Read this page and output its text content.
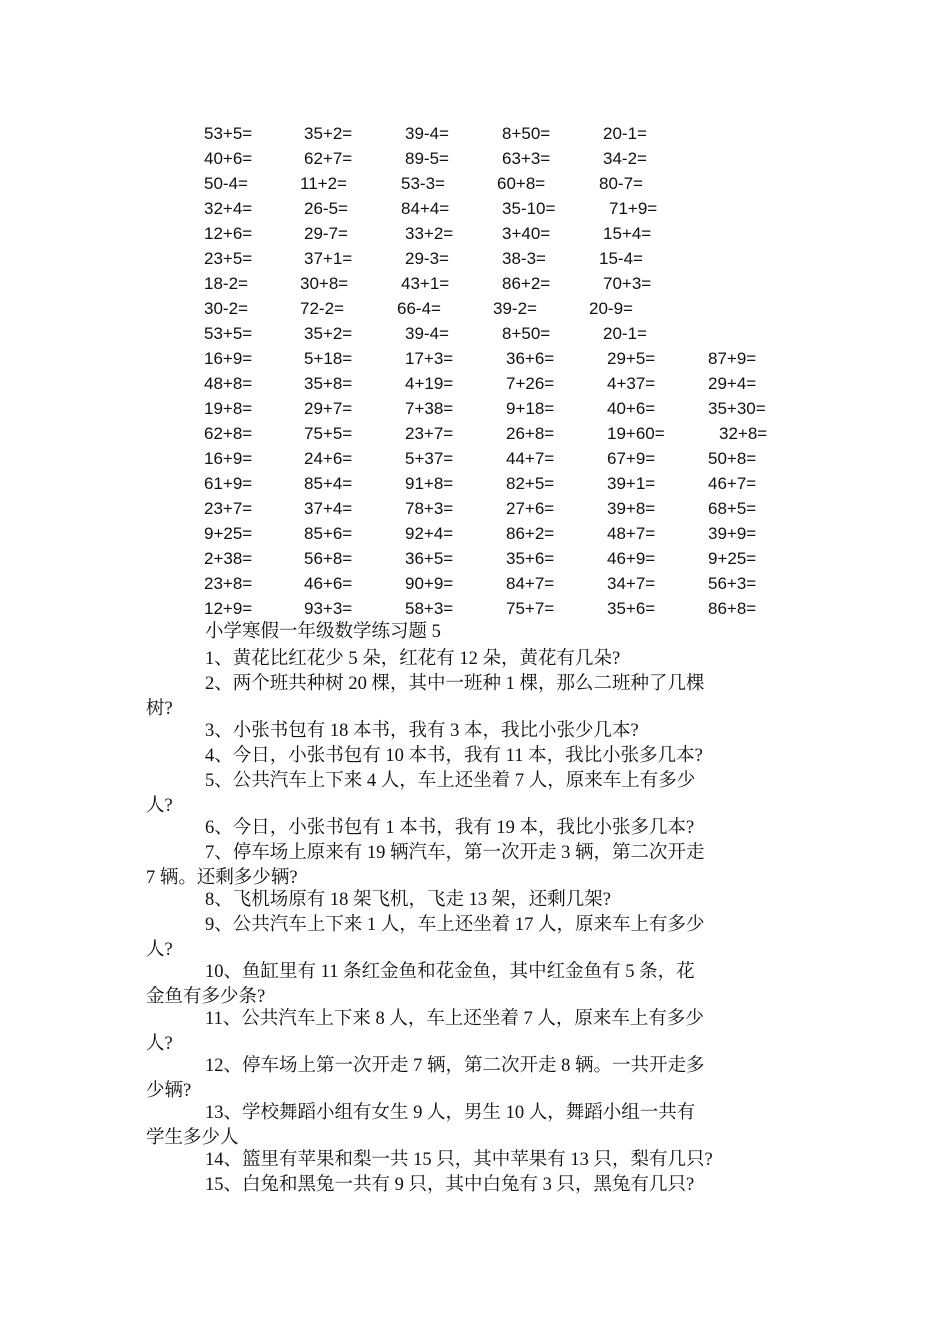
53+5=	35+2=	39-4=	8+50=	20-1=
40+6=	62+7=	89-5=	63+3=	34-2=
50-4=	11+2=	53-3=	60+8=	80-7=
32+4=	26-5=	84+4=	35-10=	71+9=
12+6=	29-7=	33+2=	3+40=	15+4=
23+5=	37+1=	29-3=	38-3=	15-4=
18-2=	30+8=	43+1=	86+2=	70+3=
30-2=	72-2=	66-4=	39-2=	20-9=
53+5=	35+2=	39-4=	8+50=	20-1=
16+9=	5+18=	17+3=	36+6=	29+5=	87+9=
48+8=	35+8=	4+19=	7+26=	4+37=	29+4=
19+8=	29+7=	7+38=	9+18=	40+6=	35+30=
62+8=	75+5=	23+7=	26+8=	19+60=	32+8=
16+9=	24+6=	5+37=	44+7=	67+9=	50+8=
61+9=	85+4=	91+8=	82+5=	39+1=	46+7=
23+7=	37+4=	78+3=	27+6=	39+8=	68+5=
9+25=	85+6=	92+4=	86+2=	48+7=	39+9=
2+38=	56+8=	36+5=	35+6=	46+9=	9+25=
23+8=	46+6=	90+9=	84+7=	34+7=	56+3=
12+9=	93+3=	58+3=	75+7=	35+6=	86+8=
小学寒假一年级数学练习题 5
1、黄花比红花少 5 朵，红花有 12 朵，黄花有几朵?
2、两个班共种树 20 棵，其中一班种 1 棵，那么二班种了几棵
树?
3、小张书包有 18 本书，我有 3 本，我比小张少几本?
4、今日，小张书包有 10 本书，我有 11 本，我比小张多几本?
5、公共汽车上下来 4 人，车上还坐着 7 人，原来车上有多少
人?
6、今日，小张书包有 1 本书，我有 19 本，我比小张多几本?
7、停车场上原来有 19 辆汽车，第一次开走 3 辆，第二次开走
7 辆。还剩多少辆?
8、飞机场原有 18 架飞机，飞走 13 架，还剩几架?
9、公共汽车上下来 1 人，车上还坐着 17 人，原来车上有多少
人?
10、鱼缸里有 11 条红金鱼和花金鱼，其中红金鱼有 5 条，花
金鱼有多少条?
11、公共汽车上下来 8 人，车上还坐着 7 人，原来车上有多少
人?
12、停车场上第一次开走 7 辆，第二次开走 8 辆。一共开走多
少辆?
13、学校舞蹈小组有女生 9 人，男生 10 人，舞蹈小组一共有
学生多少人
14、篮里有苹果和梨一共 15 只，其中苹果有 13 只，梨有几只?
15、白兔和黑兔一共有 9 只，其中白兔有 3 只，黑兔有几只?
